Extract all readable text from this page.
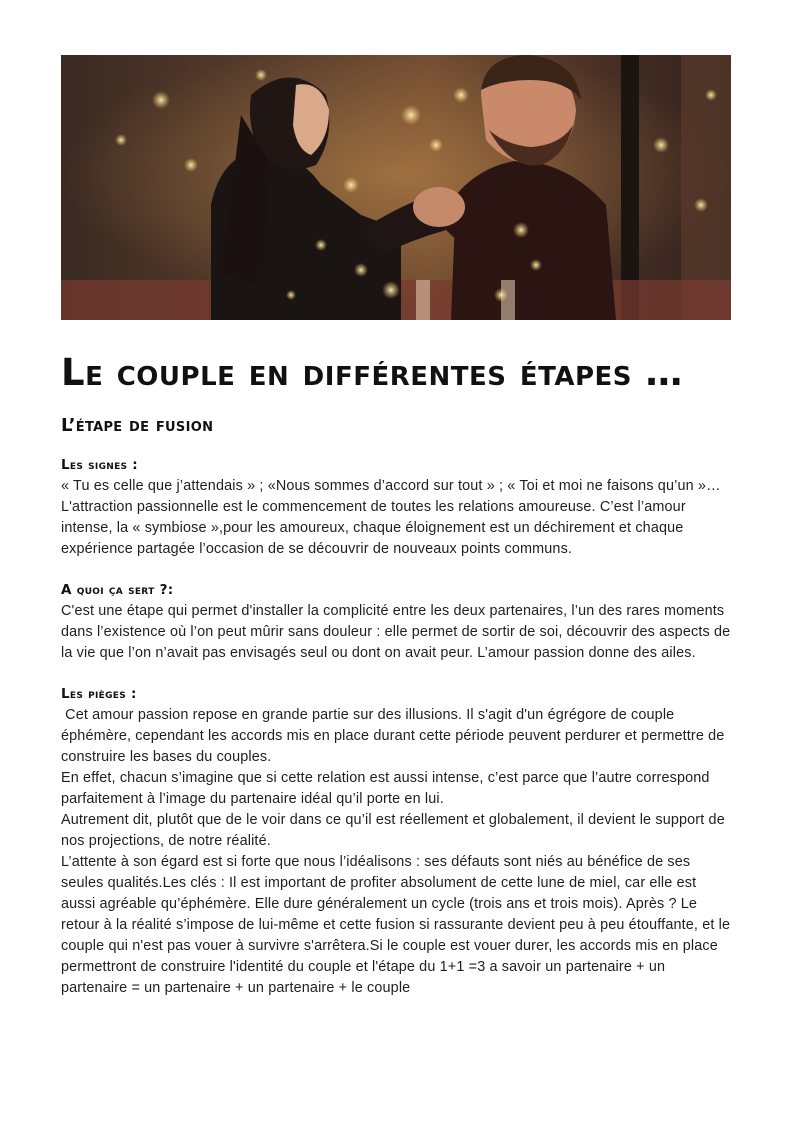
Le couple en différentes étapes …
L’étape de fusion
Les signes :

« Tu es celle que j’attendais » ; «Nous sommes d’accord sur tout » ; « Toi et moi ne faisons qu’un »…

L'attraction passionnelle est le commencement de toutes les relations amoureuse. C’est l’amour intense, la « symbiose »,pour les amoureux, chaque éloignement est un déchirement et chaque expérience partagée l’occasion de se découvrir de nouveaux points communs.

A quoi ça sert ?:

C'est une étape qui permet d'installer la complicité entre les deux partenaires, l’un des rares moments dans l’existence où l’on peut mûrir sans douleur : elle permet de sortir de soi, découvrir des aspects de la vie que l’on n’avait pas envisagés seul ou dont on avait peur. L’amour passion donne des ailes.

Les pièges :

Cet amour passion repose en grande partie sur des illusions. Il s'agit d'un égrégore de couple éphémère, cependant les accords mis en place durant cette période peuvent perdurer et permettre de construire les bases du couples.

En effet, chacun s’imagine que si cette relation est aussi intense, c’est parce que l’autre correspond parfaitement à l’image du partenaire idéal qu’il porte en lui.

Autrement dit, plutôt que de le voir dans ce qu’il est réellement et globalement, il devient le support de nos projections, de notre réalité.

L’attente à son égard est si forte que nous l’idéalisons : ses défauts sont niés au bénéfice de ses seules qualités.Les clés : Il est important de profiter absolument de cette lune de miel, car elle est aussi agréable qu’éphémère. Elle dure généralement un cycle (trois ans et trois mois). Après ? Le retour à la réalité s’impose de lui-même et cette fusion si rassurante devient peu à peu étouffante, et le couple qui n'est pas vouer à survivre s'arrêtera.Si le couple est vouer durer, les accords mis en place permettront de construire l'identité du couple et l'étape du 1+1 =3 a savoir un partenaire + un partenaire = un partenaire + un partenaire + le couple
